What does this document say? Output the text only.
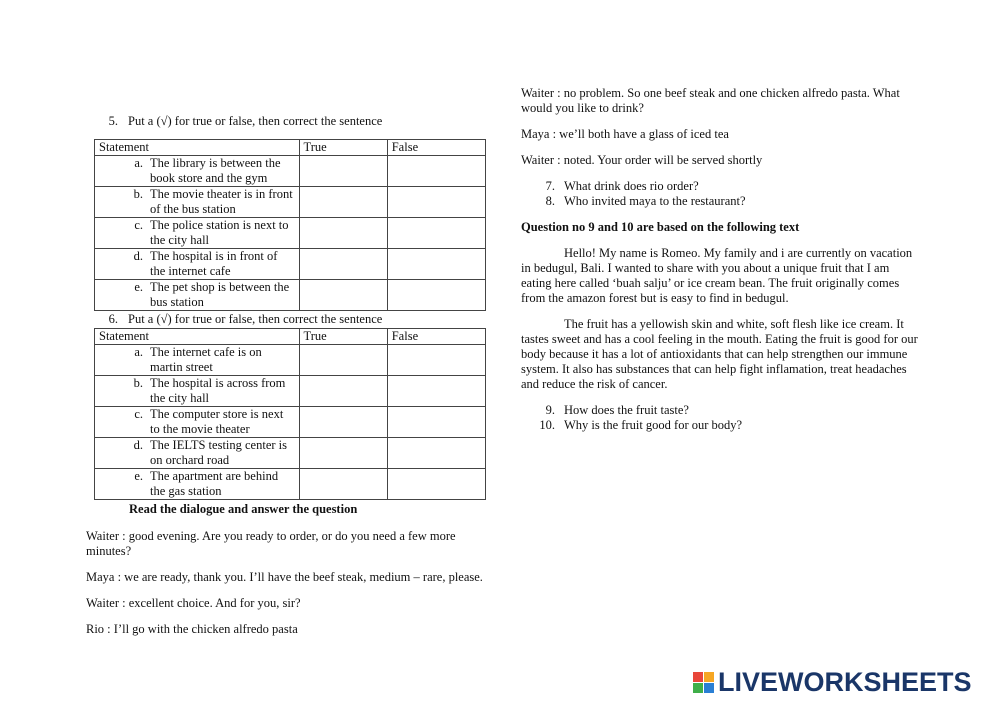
5. Put a (√) for true or false, then correct the sentence
Statement	True	False

a. The library is between the book store and the gym		

b. The movie theater is in front of the bus station		

c. The police station is next to the city hall		

d. The hospital is in front of the internet cafe		

e. The pet shop is between the bus station		

6. Put a (√) for true or false, then correct the sentence
Statement	True	False

a. The internet cafe is on martin street		

b. The hospital is across from the city hall		

c. The computer store is next to the movie theater		

d. The IELTS testing center is on orchard road		

e. The apartment are behind the gas station		

Read the dialogue and answer the question

Waiter : good evening. Are you ready to order, or do you need a few more minutes?

Maya : we are ready, thank you. I’ll have the beef steak, medium – rare, please.

Waiter : excellent choice. And for you, sir?

Rio : I’ll go with the chicken alfredo pasta

Waiter : no problem. So one beef steak and one chicken alfredo pasta. What would you like to drink?

Maya : we’ll both have a glass of iced tea

Waiter : noted. Your order will be served shortly

7. What drink does rio order?
8. Who invited maya to the restaurant?

Question no 9 and 10 are based on the following text

Hello! My name is Romeo. My family and i are currently on vacation in bedugul, Bali. I wanted to share with you about a unique fruit that I am eating here called ‘buah salju’ or ice cream bean. The fruit originally comes from the amazon forest but is easy to find in bedugul.

The fruit has a yellowish skin and white, soft flesh like ice cream. It tastes sweet and has a cool feeling in the mouth. Eating the fruit is good for our body because it has a lot of antioxidants that can help strengthen our immune system. It also has substances that can help fight inflamation, treat headaches and reduce the risk of cancer.

9. How does the fruit taste?
10. Why is the fruit good for our body?
LIVEWORKSHEETS
